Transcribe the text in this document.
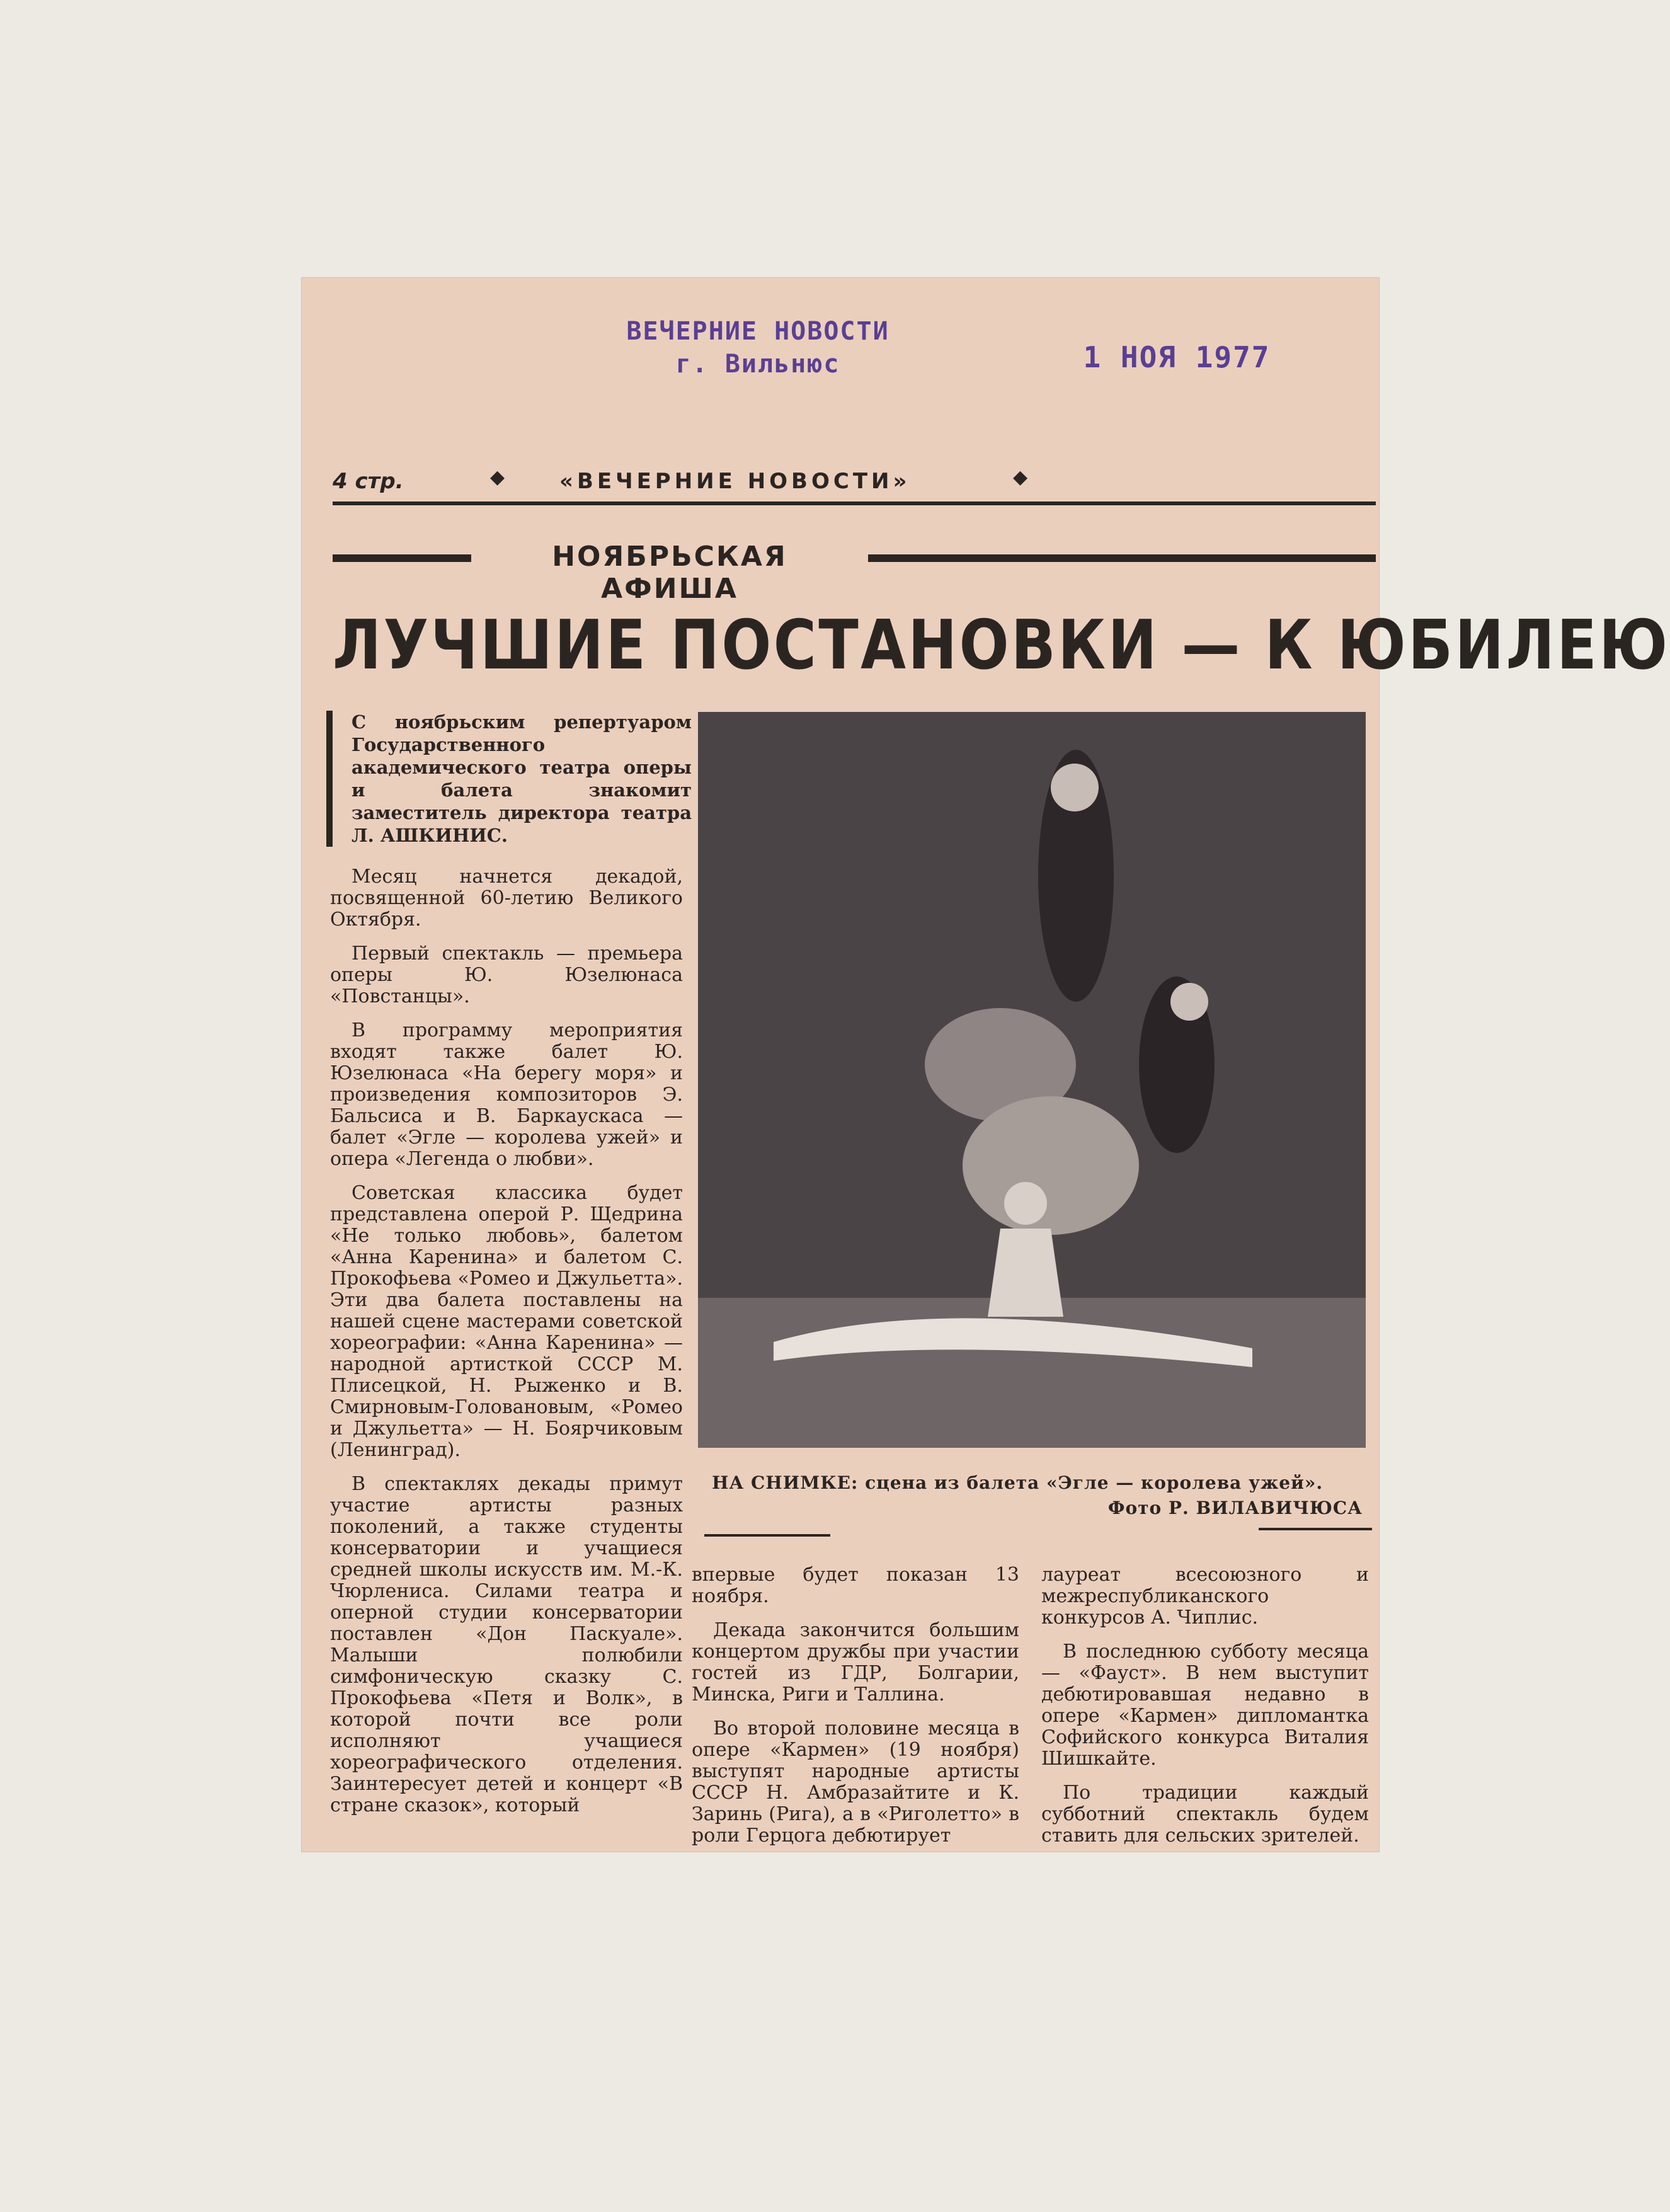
ВЕЧЕРНИЕ НОВОСТИ
г. Вильнюс	1 НОЯ 1977
4 стр.	◆	«ВЕЧЕРНИЕ НОВОСТИ»	◆
НОЯБРЬСКАЯ АФИША
ЛУЧШИЕ ПОСТАНОВКИ — К ЮБИЛЕЮ
С ноябрьским репертуаром Государственного академического театра оперы и балета знакомит заместитель директора театра Л. АШКИНИС.

Месяц начнется декадой, посвященной 60-летию Великого Октября.

Первый спектакль — премьера оперы Ю. Юзелюнаса «Повстанцы».

В программу мероприятия входят также балет Ю. Юзелюнаса «На берегу моря» и произведения композиторов Э. Бальсиса и В. Баркаускаса — балет «Эгле — королева ужей» и опера «Легенда о любви».

Советская классика будет представлена оперой Р. Щедрина «Не только любовь», балетом «Анна Каренина» и балетом С. Прокофьева «Ромео и Джульетта». Эти два балета поставлены на нашей сцене мастерами советской хореографии: «Анна Каренина» — народной артисткой СССР М. Плисецкой, Н. Рыженко и В. Смирновым-Головановым, «Ромео и Джульетта» — Н. Боярчиковым (Ленинград).

В спектаклях декады примут участие артисты разных поколений, а также студенты консерватории и учащиеся средней школы искусств им. М.-К. Чюрлениса. Силами театра и оперной студии консерватории поставлен «Дон Паскуале». Малыши полюбили симфоническую сказку С. Прокофьева «Петя и Волк», в которой почти все роли исполняют учащиеся хореографического отделения. Заинтересует детей и концерт «В стране сказок», который

НА СНИМКЕ: сцена из балета «Эгле — королева ужей».
Фото Р. ВИЛАВИЧЮСА

впервые будет показан 13 ноября.

Декада закончится большим концертом дружбы при участии гостей из ГДР, Болгарии, Минска, Риги и Таллина.

Во второй половине месяца в опере «Кармен» (19 ноября) выступят народные артисты СССР Н. Амбразайтите и К. Заринь (Рига), а в «Риголетто» в роли Герцога дебютирует

лауреат всесоюзного и межреспубликанского конкурсов А. Чиплис.

В последнюю субботу месяца — «Фауст». В нем выступит дебютировавшая недавно в опере «Кармен» дипломантка Софийского конкурса Виталия Шишкайте.

По традиции каждый субботний спектакль будем ставить для сельских зрителей.
